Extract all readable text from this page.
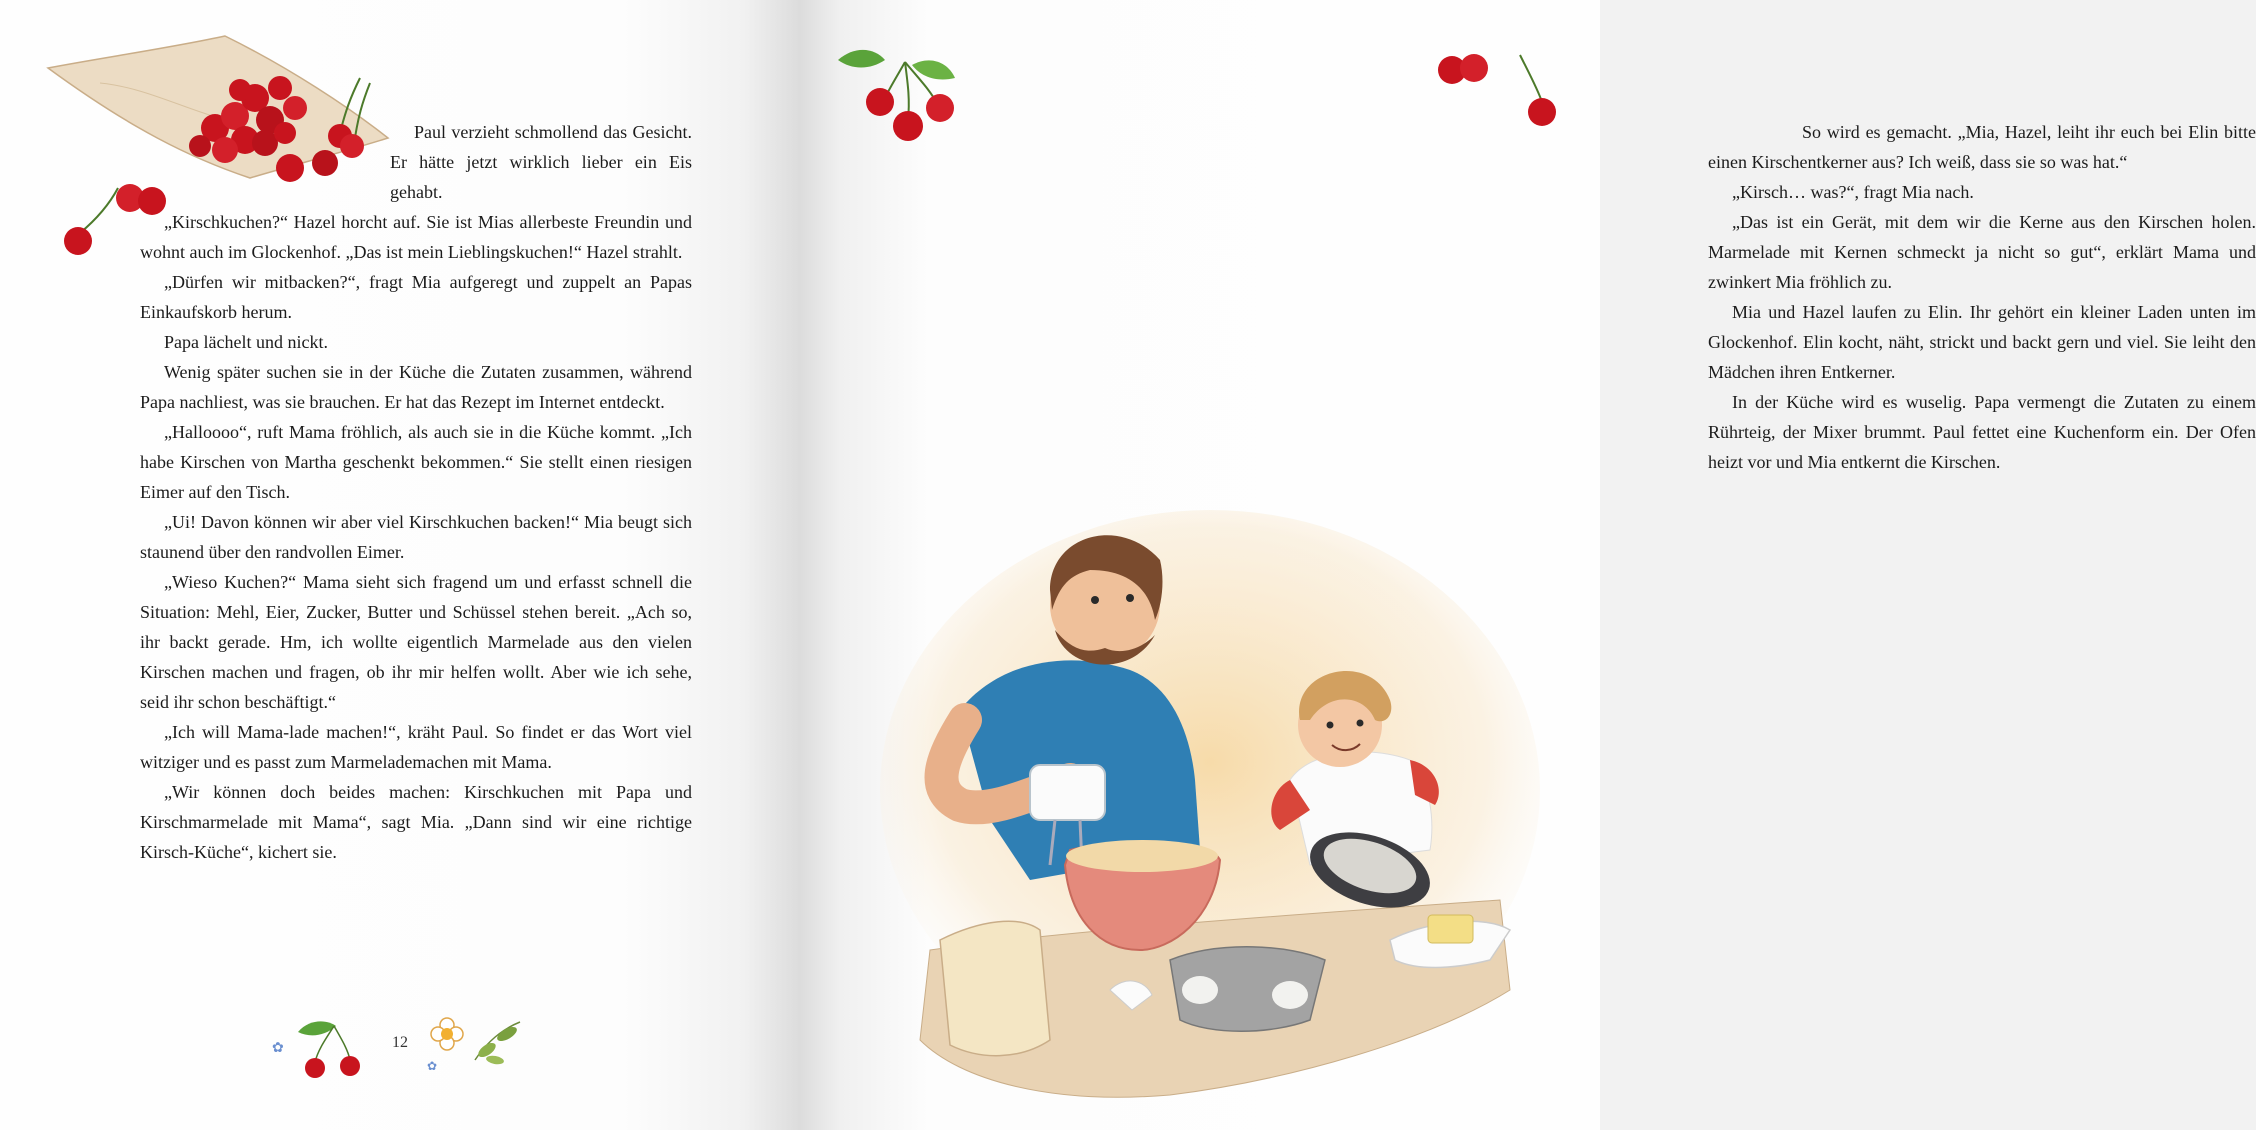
Paul verzieht schmollend das Gesicht. Er hätte jetzt wirklich lieber ein Eis gehabt.

„Kirschkuchen?“ Hazel horcht auf. Sie ist Mias allerbeste Freundin und wohnt auch im Glockenhof. „Das ist mein Lieblingskuchen!“ Hazel strahlt.

„Dürfen wir mitbacken?“, fragt Mia aufgeregt und zuppelt an Papas Einkaufskorb herum.

Papa lächelt und nickt.

Wenig später suchen sie in der Küche die Zutaten zusammen, während Papa nachliest, was sie brauchen. Er hat das Rezept im Internet entdeckt.

„Halloooo“, ruft Mama fröhlich, als auch sie in die Küche kommt. „Ich habe Kirschen von Martha geschenkt bekommen.“ Sie stellt einen riesigen Eimer auf den Tisch.

„Ui! Davon können wir aber viel Kirschkuchen backen!“ Mia beugt sich staunend über den randvollen Eimer.

„Wieso Kuchen?“ Mama sieht sich fragend um und erfasst schnell die Situation: Mehl, Eier, Zucker, Butter und Schüssel stehen bereit. „Ach so, ihr backt gerade. Hm, ich wollte eigentlich Marmelade aus den vielen Kirschen machen und fragen, ob ihr mir helfen wollt. Aber wie ich sehe, seid ihr schon beschäftigt.“

„Ich will Mama-lade machen!“, kräht Paul. So findet er das Wort viel witziger und es passt zum Marmelademachen mit Mama.

„Wir können doch beides machen: Kirschkuchen mit Papa und Kirschmarmelade mit Mama“, sagt Mia. „Dann sind wir eine richtige Kirsch-Küche“, kichert sie.

✿	12
✿

So wird es gemacht. „Mia, Hazel, leiht ihr euch bei Elin bitte einen Kirschentkerner aus? Ich weiß, dass sie so was hat.“

„Kirsch… was?“, fragt Mia nach.

„Das ist ein Gerät, mit dem wir die Kerne aus den Kirschen holen. Marmelade mit Kernen schmeckt ja nicht so gut“, erklärt Mama und zwinkert Mia fröhlich zu.

Mia und Hazel laufen zu Elin. Ihr gehört ein kleiner Laden unten im Glockenhof. Elin kocht, näht, strickt und backt gern und viel. Sie leiht den Mädchen ihren Entkerner.

In der Küche wird es wuselig. Papa vermengt die Zutaten zu einem Rührteig, der Mixer brummt. Paul fettet eine Kuchenform ein. Der Ofen heizt vor und Mia entkernt die Kirschen.
